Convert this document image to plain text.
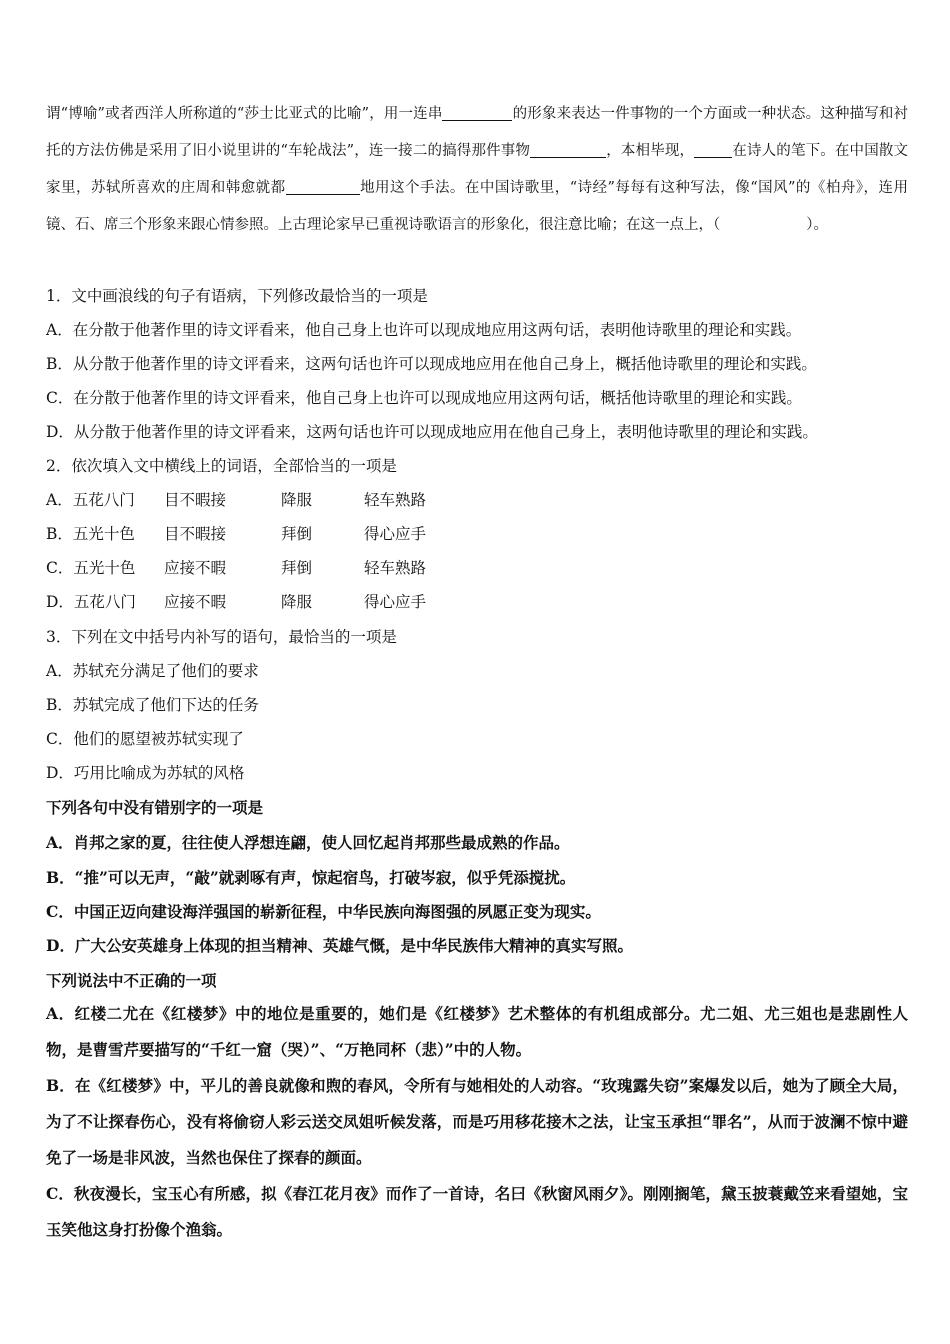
谓“博喻”或者西洋人所称道的“莎士比亚式的比喻”，用一连串	的形象来表达一件事物的一个方面或一种状态。这种描写和衬托的方法仿佛是采用了旧小说里讲的“车轮战法”，连一接二的搞得那件事物	，本相毕现，	在诗人的笔下。在中国散文家里，苏轼所喜欢的庄周和韩愈就都	地用这个手法。在中国诗歌里，“诗经”每每有这种写法，像“国风”的《柏舟》，连用镜、石、席三个形象来跟心情参照。上古理论家早已重视诗歌语言的形象化，很注意比喻；在这一点上，（	）。
1．文中画浪线的句子有语病，下列修改最恰当的一项是
A．在分散于他著作里的诗文评看来，他自己身上也许可以现成地应用这两句话，表明他诗歌里的理论和实践。
B．从分散于他著作里的诗文评看来，这两句话也许可以现成地应用在他自己身上，概括他诗歌里的理论和实践。
C．在分散于他著作里的诗文评看来，他自己身上也许可以现成地应用这两句话，概括他诗歌里的理论和实践。
D．从分散于他著作里的诗文评看来，这两句话也许可以现成地应用在他自己身上，表明他诗歌里的理论和实践。
2．依次填入文中横线上的词语，全部恰当的一项是
A．五花八门 目不暇接	降服	轻车熟路
B．五光十色 目不暇接	拜倒	得心应手
C．五光十色 应接不暇	拜倒	轻车熟路
D．五花八门 应接不暇	降服	得心应手
3．下列在文中括号内补写的语句，最恰当的一项是
A．苏轼充分满足了他们的要求
B．苏轼完成了他们下达的任务
C．他们的愿望被苏轼实现了
D．巧用比喻成为苏轼的风格
下列各句中没有错别字的一项是
A．肖邦之家的夏，往往使人浮想连翩，使人回忆起肖邦那些最成熟的作品。
B．“推”可以无声，“敲”就剥啄有声，惊起宿鸟，打破岑寂，似乎凭添搅扰。
C．中国正迈向建设海洋强国的崭新征程，中华民族向海图强的夙愿正变为现实。
D．广大公安英雄身上体现的担当精神、英雄气慨，是中华民族伟大精神的真实写照。
下列说法中不正确的一项
A．红楼二尤在《红楼梦》中的地位是重要的，她们是《红楼梦》艺术整体的有机组成部分。尤二姐、尤三姐也是悲剧性人物，是曹雪芹要描写的“千红一窟（哭）”、“万艳同杯（悲）”中的人物。
B．在《红楼梦》中，平儿的善良就像和煦的春风，令所有与她相处的人动容。“玫瑰露失窃”案爆发以后，她为了顾全大局，为了不让探春伤心，没有将偷窃人彩云送交凤姐听候发落，而是巧用移花接木之法，让宝玉承担“罪名”，从而于波澜不惊中避免了一场是非风波，当然也保住了探春的颜面。
C．秋夜漫长，宝玉心有所感，拟《春江花月夜》而作了一首诗，名曰《秋窗风雨夕》。刚刚搁笔，黛玉披蓑戴笠来看望她，宝玉笑他这身打扮像个渔翁。
